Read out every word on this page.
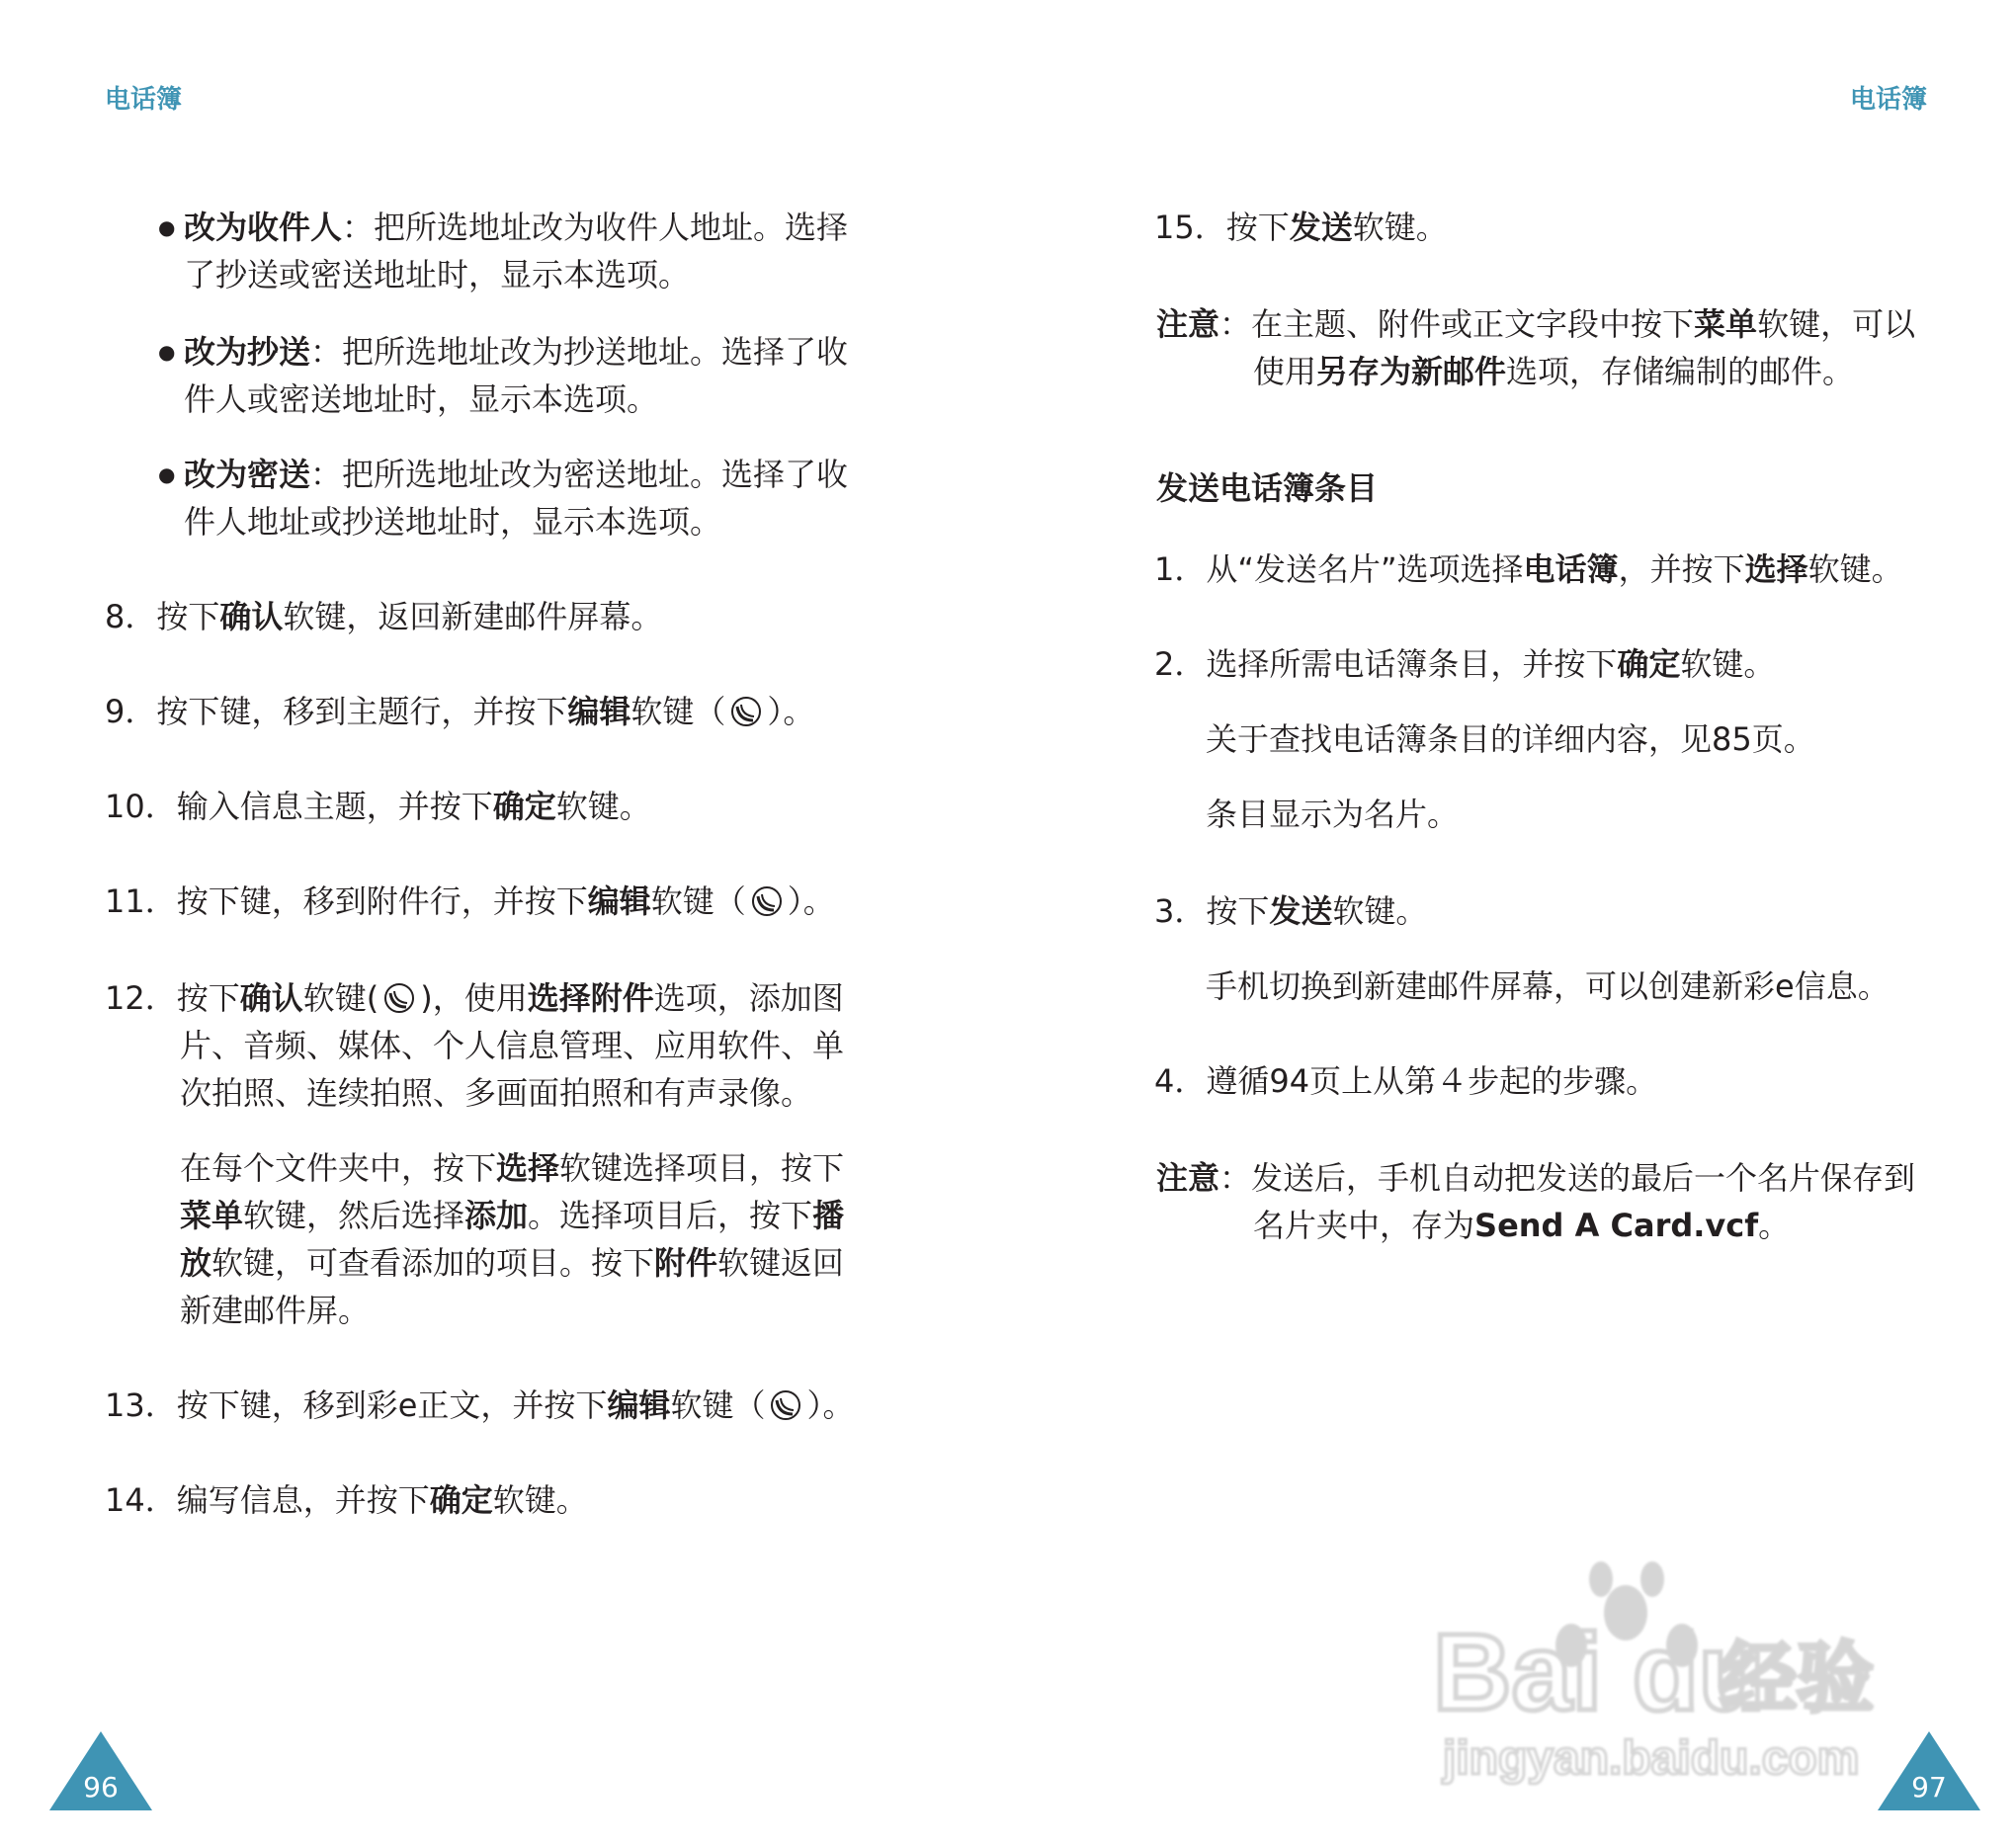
电话簿
● 改为收件人：把所选地址改为收件人地址。选择
了抄送或密送地址时，显示本选项。
● 改为抄送：把所选地址改为抄送地址。选择了收
件人或密送地址时，显示本选项。
● 改为密送：把所选地址改为密送地址。选择了收
件人地址或抄送地址时，显示本选项。
8．按下确认软键，返回新建邮件屏幕。
9．按下键，移到主题行，并按下编辑软键（ ）。
10．输入信息主题，并按下确定软键。
11．按下键，移到附件行，并按下编辑软键（ ）。
12．按下确认软键( )，使用选择附件选项，添加图
片、音频、媒体、个人信息管理、应用软件、单
次拍照、连续拍照、多画面拍照和有声录像。
在每个文件夹中，按下选择软键选择项目，按下
菜单软键，然后选择添加。选择项目后，按下播
放软键，可查看添加的项目。按下附件软键返回
新建邮件屏。
13．按下键，移到彩e正文，并按下编辑软键（ ）。
14．编写信息，并按下确定软键。
96
电话簿
15．按下发送软键。
注意：在主题、附件或正文字段中按下菜单软键，可以
使用另存为新邮件选项，存储编制的邮件。
发送电话簿条目
1．从“发送名片”选项选择电话簿，并按下选择软键。
2．选择所需电话簿条目，并按下确定软键。
关于查找电话簿条目的详细内容，见85页。
条目显示为名片。
3．按下发送软键。
手机切换到新建邮件屏幕，可以创建新彩e信息。
4．遵循94页上从第４步起的步骤。
注意：发送后，手机自动把发送的最后一个名片保存到
名片夹中，存为Send A Card.vcf。
97
Bai du
经验
jingyan.baidu.com
